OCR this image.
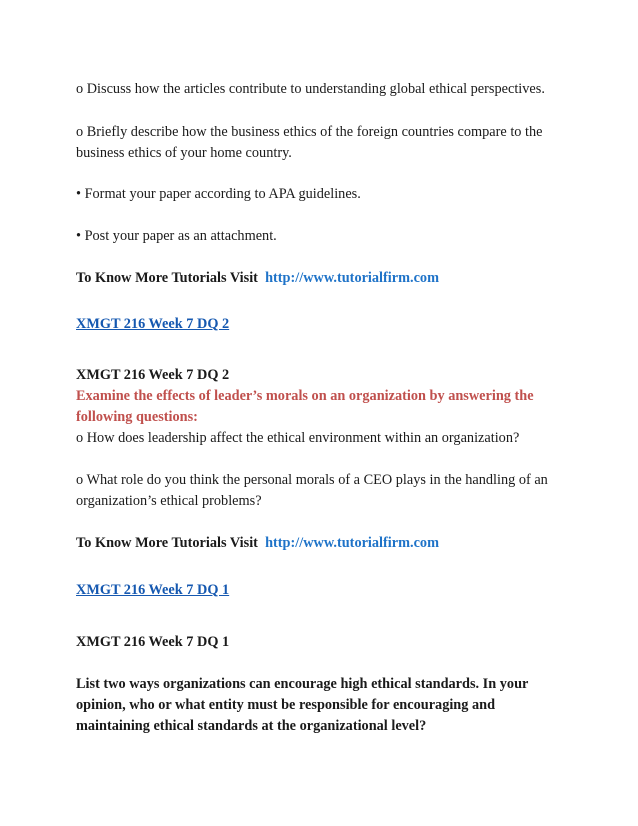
o Discuss how the articles contribute to understanding global ethical perspectives.

o Briefly describe how the business ethics of the foreign countries compare to the

business ethics of your home country.

• Format your paper according to APA guidelines.

• Post your paper as an attachment.

To Know More Tutorials Visit http://www.tutorialfirm.com

XMGT 216 Week 7 DQ 2

XMGT 216 Week 7 DQ 2

Examine the effects of leader’s morals on an organization by answering the

following questions:

o How does leadership affect the ethical environment within an organization?

o What role do you think the personal morals of a CEO plays in the handling of an

organization’s ethical problems?

To Know More Tutorials Visit http://www.tutorialfirm.com

XMGT 216 Week 7 DQ 1

XMGT 216 Week 7 DQ 1

List two ways organizations can encourage high ethical standards. In your

opinion, who or what entity must be responsible for encouraging and

maintaining ethical standards at the organizational level?
